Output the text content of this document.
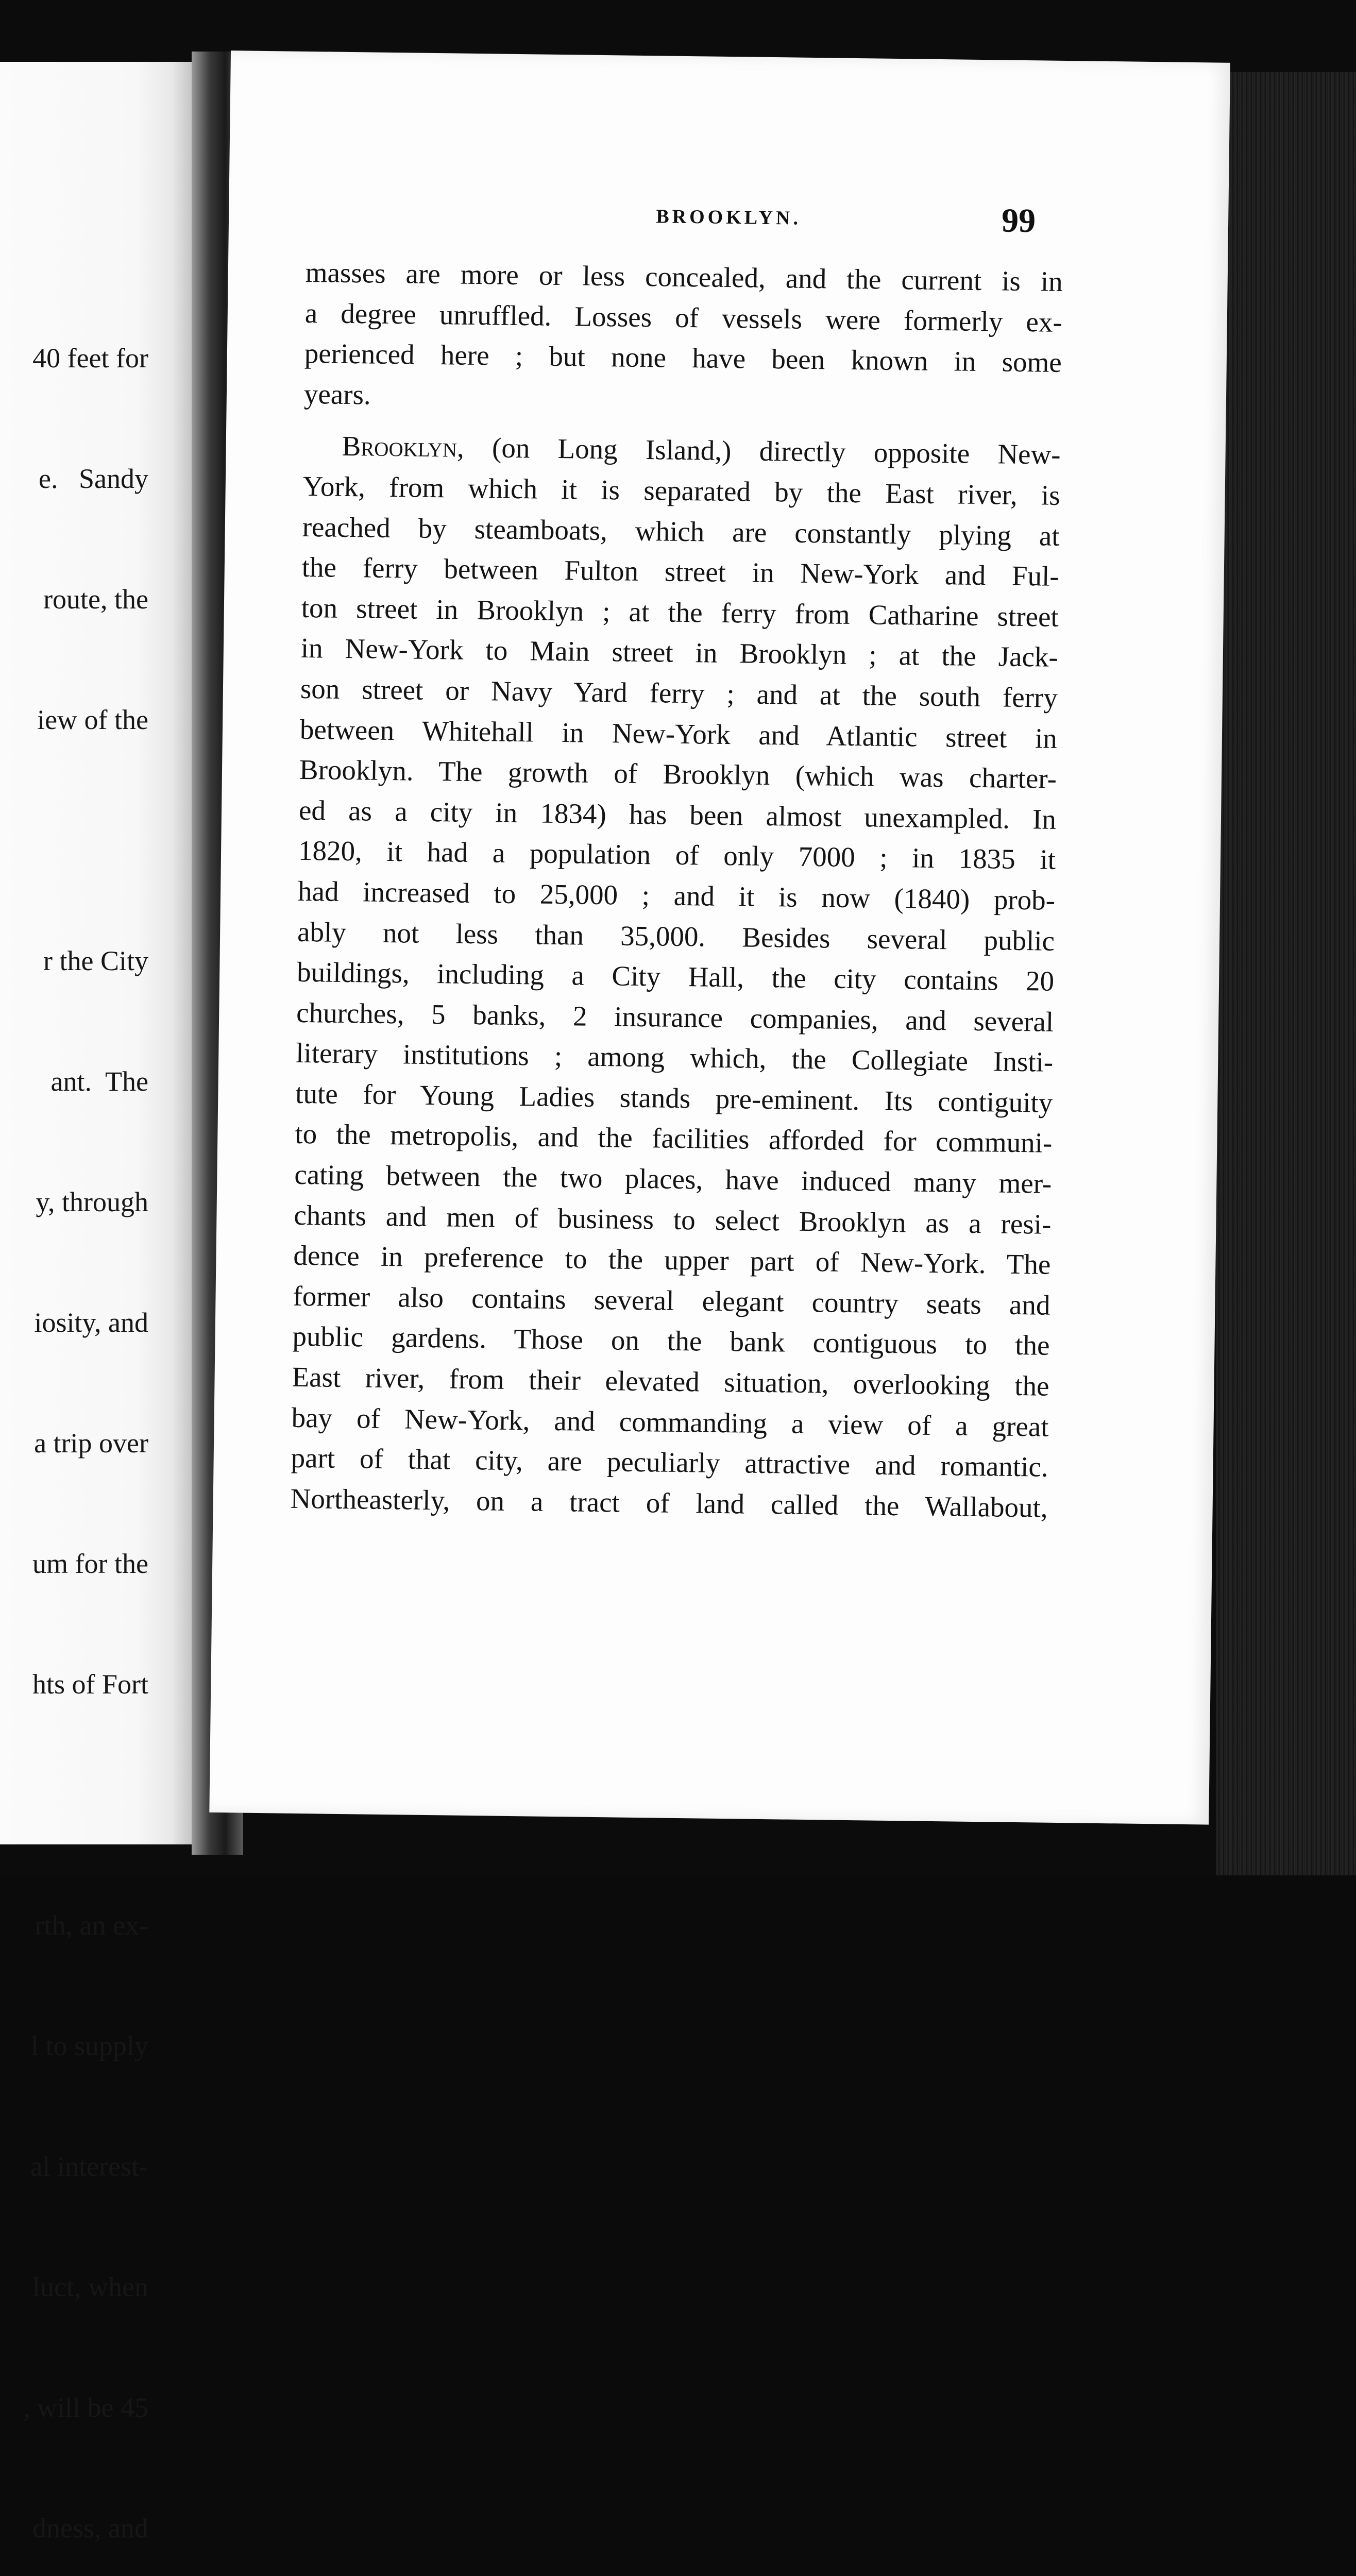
40 feet for

e.   Sandy

route, the

iew of the

r the City

ant.  The

y, through

iosity, and

a trip over

um for the

hts of Fort

rth, an ex-

l to supply

al interest-

luct, when

, will be 45

dness, and

BROOKLYN.	99
masses are more or less concealed, and the current is in
a degree unruffled. Losses of vessels were formerly ex-
perienced here ; but none have been known in some
years.
Brooklyn, (on Long Island,) directly opposite New-
York, from which it is separated by the East river, is
reached by steamboats, which are constantly plying at
the ferry between Fulton street in New-York and Ful-
ton street in Brooklyn ; at the ferry from Catharine street
in New-York to Main street in Brooklyn ; at the Jack-
son street or Navy Yard ferry ; and at the south ferry
between Whitehall in New-York and Atlantic street in
Brooklyn. The growth of Brooklyn (which was charter-
ed as a city in 1834) has been almost unexampled. In
1820, it had a population of only 7000 ; in 1835 it
had increased to 25,000 ; and it is now (1840) prob-
ably not less than 35,000. Besides several public
buildings, including a City Hall, the city contains 20
churches, 5 banks, 2 insurance companies, and several
literary institutions ; among which, the Collegiate Insti-
tute for Young Ladies stands pre-eminent. Its contiguity
to the metropolis, and the facilities afforded for communi-
cating between the two places, have induced many mer-
chants and men of business to select Brooklyn as a resi-
dence in preference to the upper part of New-York. The
former also contains several elegant country seats and
public gardens. Those on the bank contiguous to the
East river, from their elevated situation, overlooking the
bay of New-York, and commanding a view of a great
part of that city, are peculiarly attractive and romantic.
Northeasterly, on a tract of land called the Wallabout,
